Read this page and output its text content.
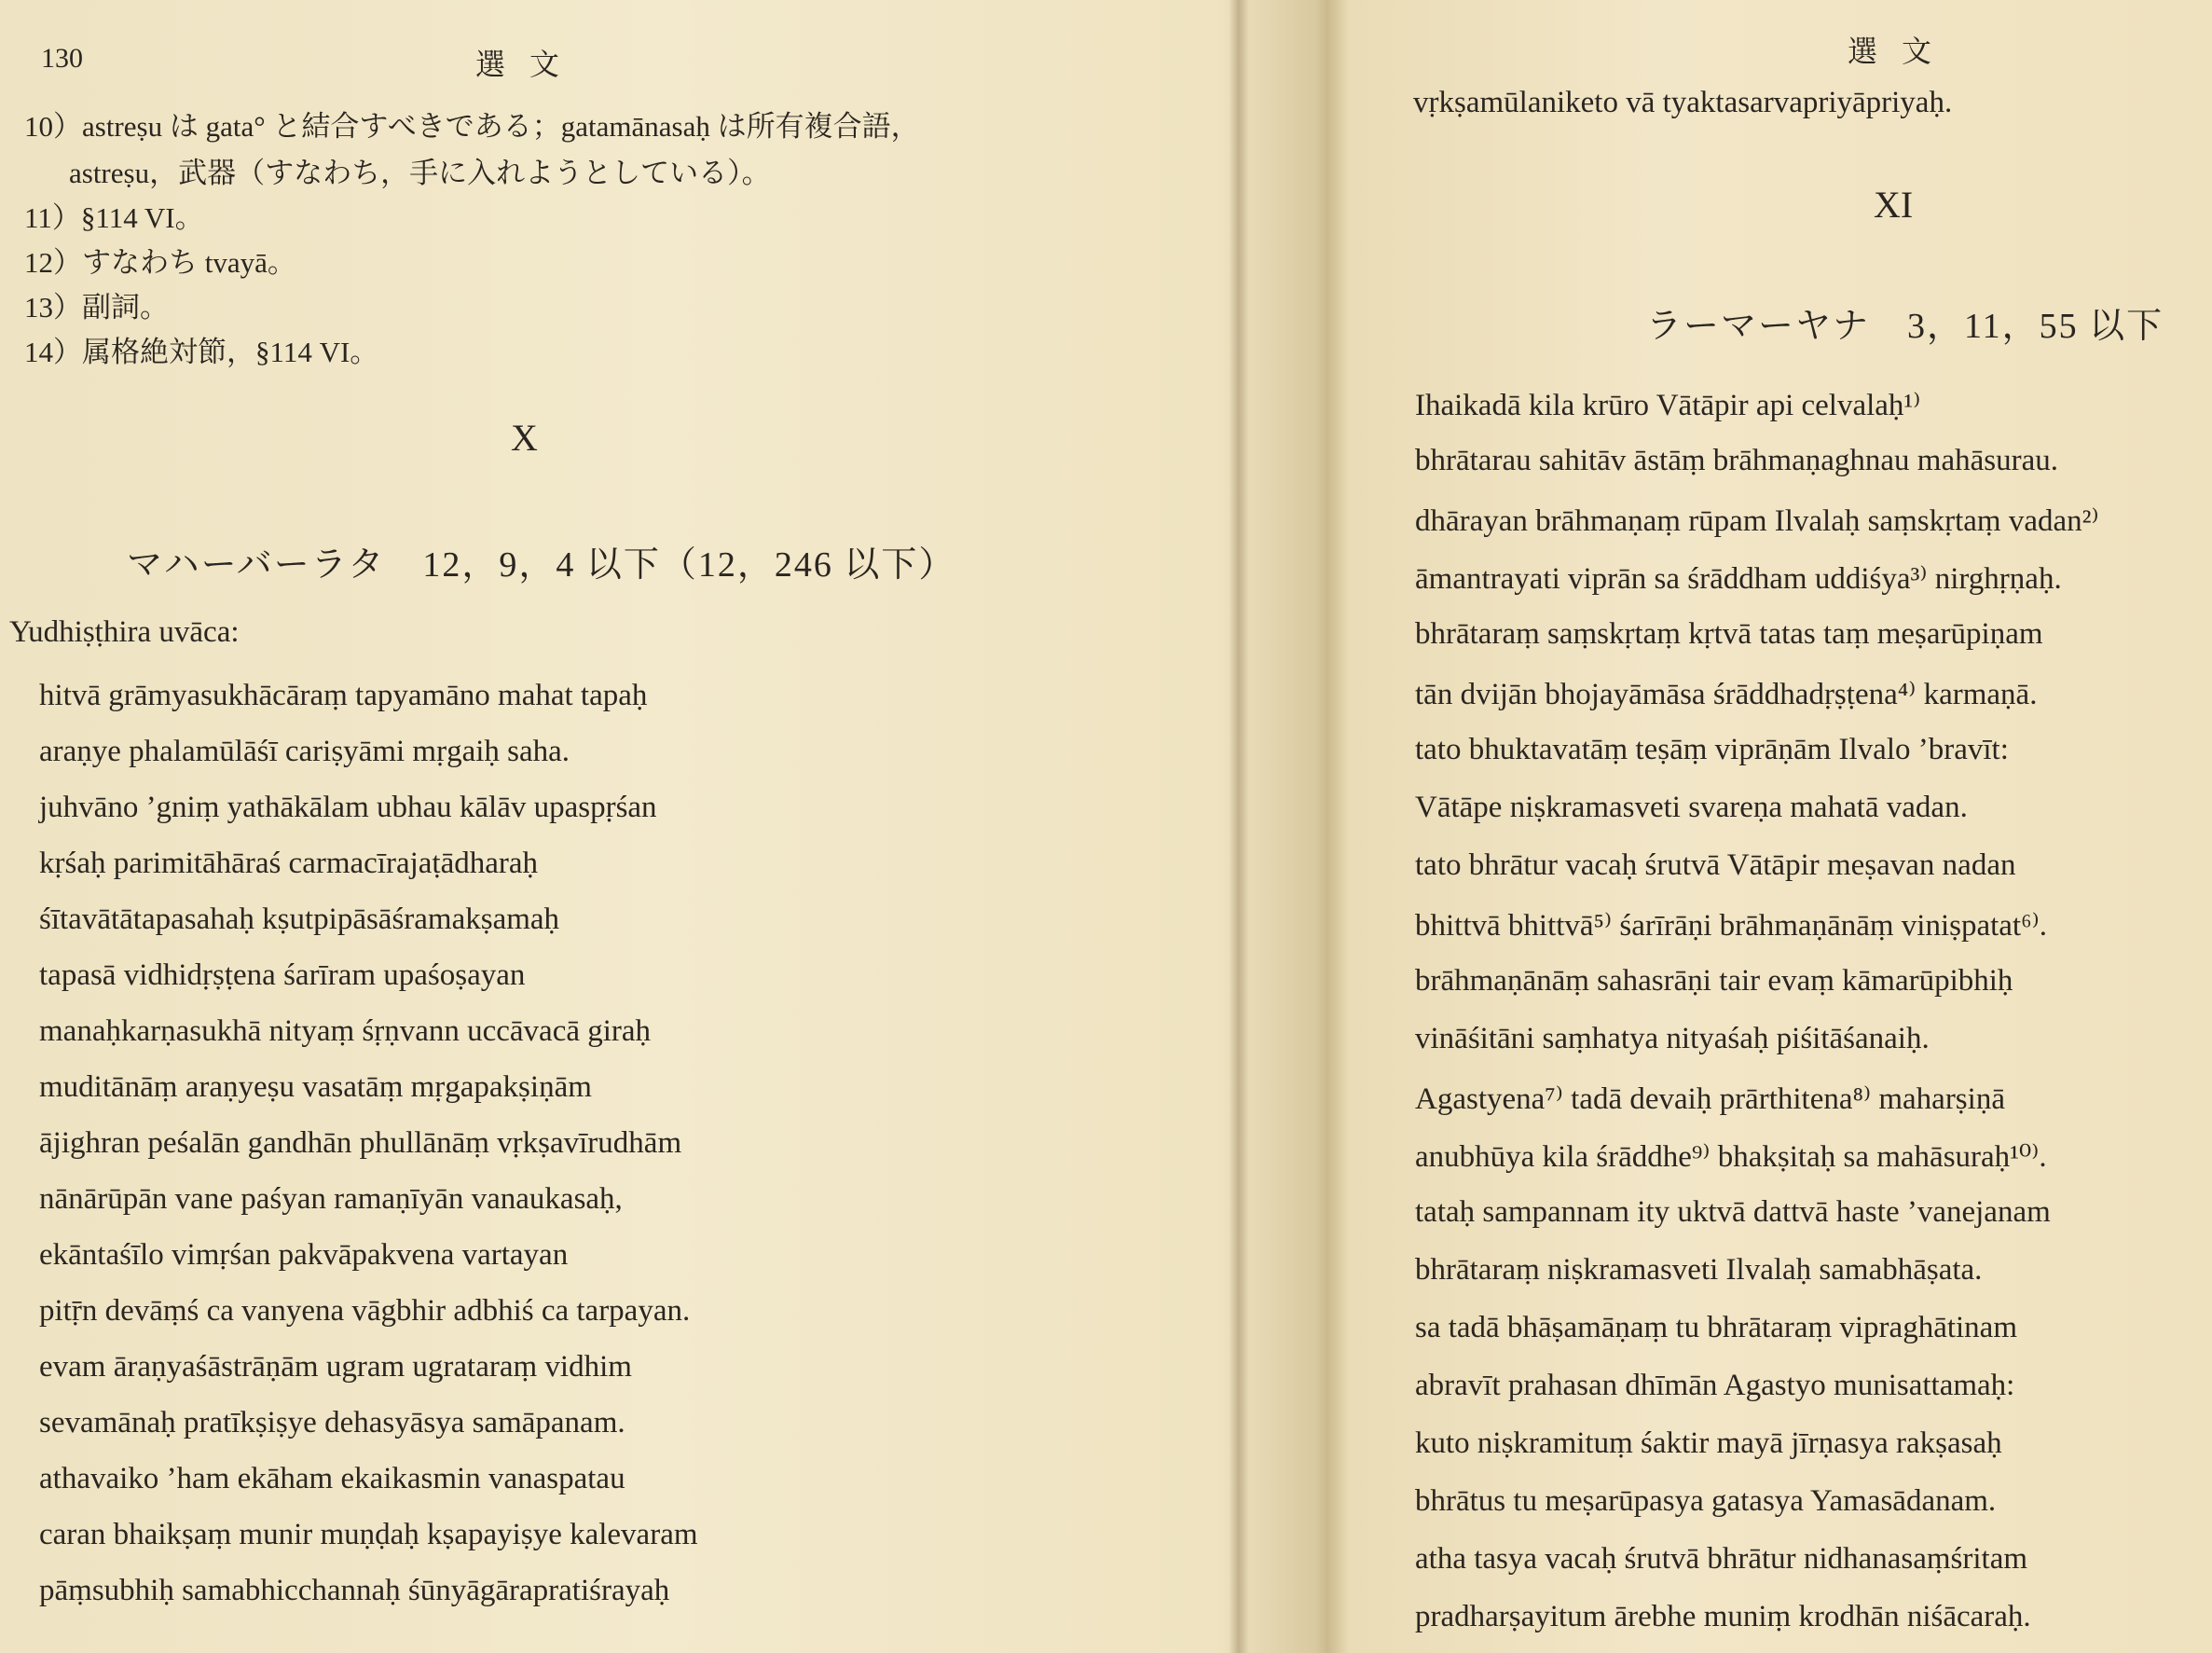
130	選文
10）astreṣu は gata° と結合すべきである；gatamānasaḥ は所有複合語，
astreṣu，武器（すなわち，手に入れようとしている）。
11）§114 VI。
12）すなわち tvayā。
13）副詞。
14）属格絶対節，§114 VI。
X
マハーバーラタ　12，9，4 以下（12，246 以下）
Yudhiṣṭhira uvāca:
hitvā grāmyasukhācāraṃ tapyamāno mahat tapaḥ
araṇye phalamūlāśī cariṣyāmi mṛgaiḥ saha.
juhvāno ’gniṃ yathākālam ubhau kālāv upaspṛśan
kṛśaḥ parimitāhāraś carmacīrajaṭādharaḥ
śītavātātapasahaḥ kṣutpipāsāśramakṣamaḥ
tapasā vidhidṛṣṭena śarīram upaśoṣayan
manaḥkarṇasukhā nityaṃ śṛṇvann uccāvacā giraḥ
muditānāṃ araṇyeṣu vasatāṃ mṛgapakṣiṇām
ājighran peśalān gandhān phullānāṃ vṛkṣavīrudhām
nānārūpān vane paśyan ramaṇīyān vanaukasaḥ,
ekāntaśīlo vimṛśan pakvāpakvena vartayan
pitṝn devāṃś ca vanyena vāgbhir adbhiś ca tarpayan.
evam āraṇyaśāstrāṇām ugram ugrataraṃ vidhim
sevamānaḥ pratīkṣiṣye dehasyāsya samāpanam.
athavaiko ’ham ekāham ekaikasmin vanaspatau
caran bhaikṣaṃ munir muṇḍaḥ kṣapayiṣye kalevaram
pāṃsubhiḥ samabhicchannaḥ śūnyāgārapratiśrayaḥ
選文
vṛkṣamūlaniketo vā tyaktasarvapriyāpriyaḥ.
XI
ラーマーヤナ　3，11，55 以下
Ihaikadā kila krūro Vātāpir api celvalaḥ¹⁾
bhrātarau sahitāv āstāṃ brāhmaṇaghnau mahāsurau.
dhārayan brāhmaṇaṃ rūpam Ilvalaḥ saṃskṛtaṃ vadan²⁾
āmantrayati viprān sa śrāddham uddiśya³⁾ nirghṛṇaḥ.
bhrātaraṃ saṃskṛtaṃ kṛtvā tatas taṃ meṣarūpiṇam
tān dvijān bhojayāmāsa śrāddhadṛṣṭena⁴⁾ karmaṇā.
tato bhuktavatāṃ teṣāṃ viprāṇām Ilvalo ’bravīt:
Vātāpe niṣkramasveti svareṇa mahatā vadan.
tato bhrātur vacaḥ śrutvā Vātāpir meṣavan nadan
bhittvā bhittvā⁵⁾ śarīrāṇi brāhmaṇānāṃ viniṣpatat⁶⁾.
brāhmaṇānāṃ sahasrāṇi tair evaṃ kāmarūpibhiḥ
vināśitāni saṃhatya nityaśaḥ piśitāśanaiḥ.
Agastyena⁷⁾ tadā devaiḥ prārthitena⁸⁾ maharṣiṇā
anubhūya kila śrāddhe⁹⁾ bhakṣitaḥ sa mahāsuraḥ¹⁰⁾.
tataḥ sampannam ity uktvā dattvā haste ’vanejanam
bhrātaraṃ niṣkramasveti Ilvalaḥ samabhāṣata.
sa tadā bhāṣamāṇaṃ tu bhrātaraṃ vipraghātinam
abravīt prahasan dhīmān Agastyo munisattamaḥ:
kuto niṣkramituṃ śaktir mayā jīrṇasya rakṣasaḥ
bhrātus tu meṣarūpasya gatasya Yamasādanam.
atha tasya vacaḥ śrutvā bhrātur nidhanasaṃśritam
pradharṣayitum ārebhe muniṃ krodhān niśācaraḥ.
